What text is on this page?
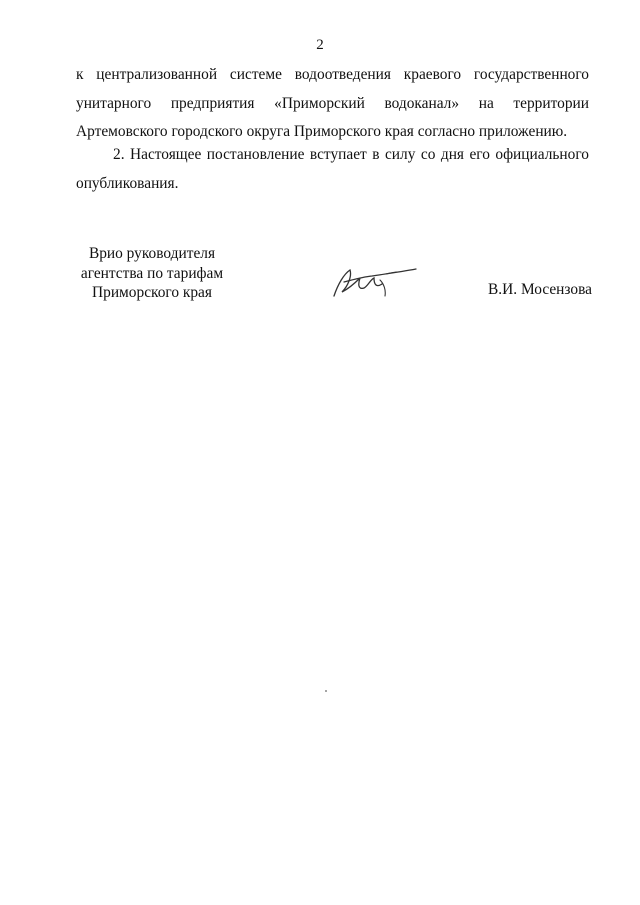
2
к централизованной системе водоотведения краевого государственного
унитарного предприятия «Приморский водоканал» на территории
Артемовского городского округа Приморского края согласно приложению.
2. Настоящее постановление вступает в силу со дня его официального
опубликования.
Врио руководителя
агентства по тарифам
Приморского края	В.И. Мосензова
